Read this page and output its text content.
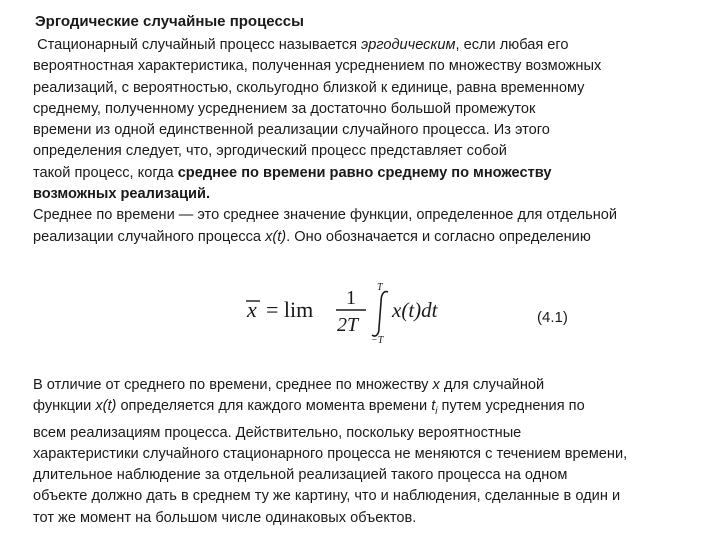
Эргодические случайные процессы
Стационарный случайный процесс называется эргодическим, если любая его
вероятностная характеристика, полученная усреднением по множеству возможных
реализаций, с вероятностью, скольугодно близкой к единице, равна временному
среднему, полученному усреднением за достаточно большой промежуток
времени из одной единственной реализации случайного процесса. Из этого
определения следует, что, эргодический процесс представляет собой
такой процесс, когда среднее по времени равно среднему по множеству
возможных реализаций.
Среднее по времени — это среднее значение функции, определенное для отдельной
реализации случайного процесса x(t). Оно обозначается и согласно определению
x = lim 1
2T
T
−T
x(t)dt	(4.1)
В отличие от среднего по времени, среднее по множеству х для случайной
функции x(t) определяется для каждого момента времени $t_i$ путем усреднения по
всем реализациям процесса. Действительно, поскольку вероятностные
характеристики случайного стационарного процесса не меняются с течением времени,
длительное наблюдение за отдельной реализацией такого процесса на одном
объекте должно дать в среднем ту же картину, что и наблюдения, сделанные в один и
тот же момент на большом числе одинаковых объектов.
